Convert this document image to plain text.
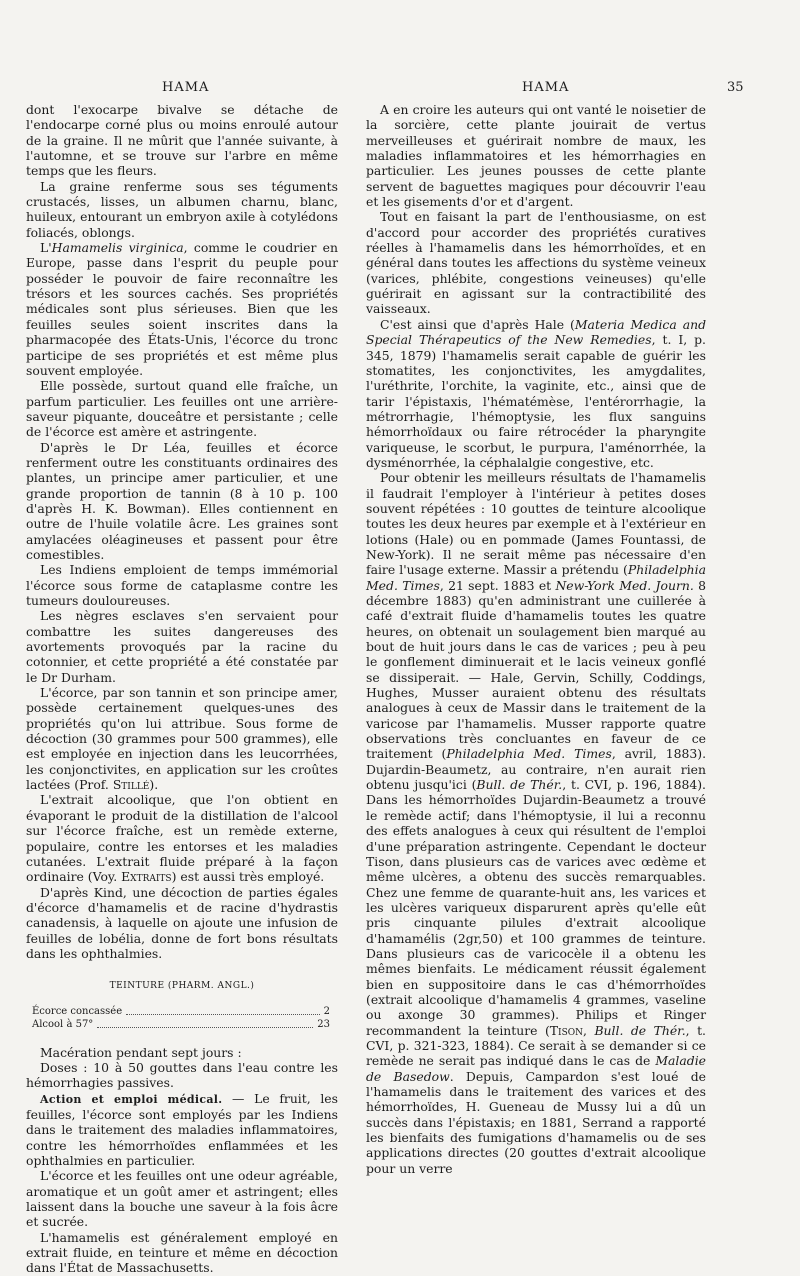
HAMA	HAMA	35

dont l'exocarpe bivalve se détache de l'endocarpe corné plus ou moins enroulé autour de la graine. Il ne mûrit que l'année suivante, à l'automne, et se trouve sur l'arbre en même temps que les fleurs.

La graine renferme sous ses téguments crustacés, lisses, un albumen charnu, blanc, huileux, entourant un embryon axile à cotylédons foliacés, oblongs.

L'Hamamelis virginica, comme le coudrier en Europe, passe dans l'esprit du peuple pour posséder le pouvoir de faire reconnaître les trésors et les sources cachés. Ses propriétés médicales sont plus sérieuses. Bien que les feuilles seules soient inscrites dans la pharmacopée des États-Unis, l'écorce du tronc participe de ses propriétés et est même plus souvent employée.

Elle possède, surtout quand elle fraîche, un parfum particulier. Les feuilles ont une arrière-saveur piquante, douceâtre et persistante ; celle de l'écorce est amère et astringente.

D'après le Dr Léa, feuilles et écorce renferment outre les constituants ordinaires des plantes, un principe amer particulier, et une grande proportion de tannin (8 à 10 p. 100 d'après H. K. Bowman). Elles contiennent en outre de l'huile volatile âcre. Les graines sont amylacées oléagineuses et passent pour être comestibles.

Les Indiens emploient de temps immémorial l'écorce sous forme de cataplasme contre les tumeurs douloureuses.

Les nègres esclaves s'en servaient pour combattre les suites dangereuses des avortements provoqués par la racine du cotonnier, et cette propriété a été constatée par le Dr Durham.

L'écorce, par son tannin et son principe amer, possède certainement quelques-unes des propriétés qu'on lui attribue. Sous forme de décoction (30 grammes pour 500 grammes), elle est employée en injection dans les leucorrhées, les conjonctivites, en application sur les croûtes lactées (Prof. Stillé).

L'extrait alcoolique, que l'on obtient en évaporant le produit de la distillation de l'alcool sur l'écorce fraîche, est un remède externe, populaire, contre les entorses et les maladies cutanées. L'extrait fluide préparé à la façon ordinaire (Voy. Extraits) est aussi très employé.

D'après Kind, une décoction de parties égales d'écorce d'hamamelis et de racine d'hydrastis canadensis, à laquelle on ajoute une infusion de feuilles de lobélia, donne de fort bons résultats dans les ophthalmies.

TEINTURE (PHARM. ANGL.)
Écorce concassée	2
Alcool à 57°	23

Macération pendant sept jours :

Doses : 10 à 50 gouttes dans l'eau contre les hémorrhagies passives.

Action et emploi médical. — Le fruit, les feuilles, l'écorce sont employés par les Indiens dans le traitement des maladies inflammatoires, contre les hémorrhoïdes enflammées et les ophthalmies en particulier.

L'écorce et les feuilles ont une odeur agréable, aromatique et un goût amer et astringent; elles laissent dans la bouche une saveur à la fois âcre et sucrée.

L'hamamelis est généralement employé en extrait fluide, en teinture et même en décoction dans l'État de Massachusetts.

A en croire les auteurs qui ont vanté le noisetier de la sorcière, cette plante jouirait de vertus merveilleuses et guérirait nombre de maux, les maladies inflammatoires et les hémorrhagies en particulier. Les jeunes pousses de cette plante servent de baguettes magiques pour découvrir l'eau et les gisements d'or et d'argent.

Tout en faisant la part de l'enthousiasme, on est d'accord pour accorder des propriétés curatives réelles à l'hamamelis dans les hémorrhoïdes, et en général dans toutes les affections du système veineux (varices, phlébite, congestions veineuses) qu'elle guérirait en agissant sur la contractibilité des vaisseaux.

C'est ainsi que d'après Hale (Materia Medica and Special Thérapeutics of the New Remedies, t. I, p. 345, 1879) l'hamamelis serait capable de guérir les stomatites, les conjonctivites, les amygdalites, l'uréthrite, l'orchite, la vaginite, etc., ainsi que de tarir l'épistaxis, l'hématémèse, l'entérorrhagie, la métrorrhagie, l'hémoptysie, les flux sanguins hémorrhoïdaux ou faire rétrocéder la pharyngite variqueuse, le scorbut, le purpura, l'aménorrhée, la dysménorrhée, la céphalalgie congestive, etc.

Pour obtenir les meilleurs résultats de l'hamamelis il faudrait l'employer à l'intérieur à petites doses souvent répétées : 10 gouttes de teinture alcoolique toutes les deux heures par exemple et à l'extérieur en lotions (Hale) ou en pommade (James Fountassi, de New-York). Il ne serait même pas nécessaire d'en faire l'usage externe. Massir a prétendu (Philadelphia Med. Times, 21 sept. 1883 et New-York Med. Journ. 8 décembre 1883) qu'en administrant une cuillerée à café d'extrait fluide d'hamamelis toutes les quatre heures, on obtenait un soulagement bien marqué au bout de huit jours dans le cas de varices ; peu à peu le gonflement diminuerait et le lacis veineux gonflé se dissiperait. — Hale, Gervin, Schilly, Coddings, Hughes, Musser auraient obtenu des résultats analogues à ceux de Massir dans le traitement de la varicose par l'hamamelis. Musser rapporte quatre observations très concluantes en faveur de ce traitement (Philadelphia Med. Times, avril, 1883). Dujardin-Beaumetz, au contraire, n'en aurait rien obtenu jusqu'ici (Bull. de Thér., t. CVI, p. 196, 1884). Dans les hémorrhoïdes Dujardin-Beaumetz a trouvé le remède actif; dans l'hémoptysie, il lui a reconnu des effets analogues à ceux qui résultent de l'emploi d'une préparation astringente. Cependant le docteur Tison, dans plusieurs cas de varices avec œdème et même ulcères, a obtenu des succès remarquables. Chez une femme de quarante-huit ans, les varices et les ulcères variqueux disparurent après qu'elle eût pris cinquante pilules d'extrait alcoolique d'hamamélis (2gr,50) et 100 grammes de teinture. Dans plusieurs cas de varicocèle il a obtenu les mêmes bienfaits. Le médicament réussit également bien en suppositoire dans le cas d'hémorrhoïdes (extrait alcoolique d'hamamelis 4 grammes, vaseline ou axonge 30 grammes). Philips et Ringer recommandent la teinture (Tison, Bull. de Thér., t. CVI, p. 321-323, 1884). Ce serait à se demander si ce remède ne serait pas indiqué dans le cas de Maladie de Basedow. Depuis, Campardon s'est loué de l'hamamelis dans le traitement des varices et des hémorrhoïdes, H. Gueneau de Mussy lui a dû un succès dans l'épistaxis; en 1881, Serrand a rapporté les bienfaits des fumigations d'hamamelis ou de ses applications directes (20 gouttes d'extrait alcoolique pour un verre
